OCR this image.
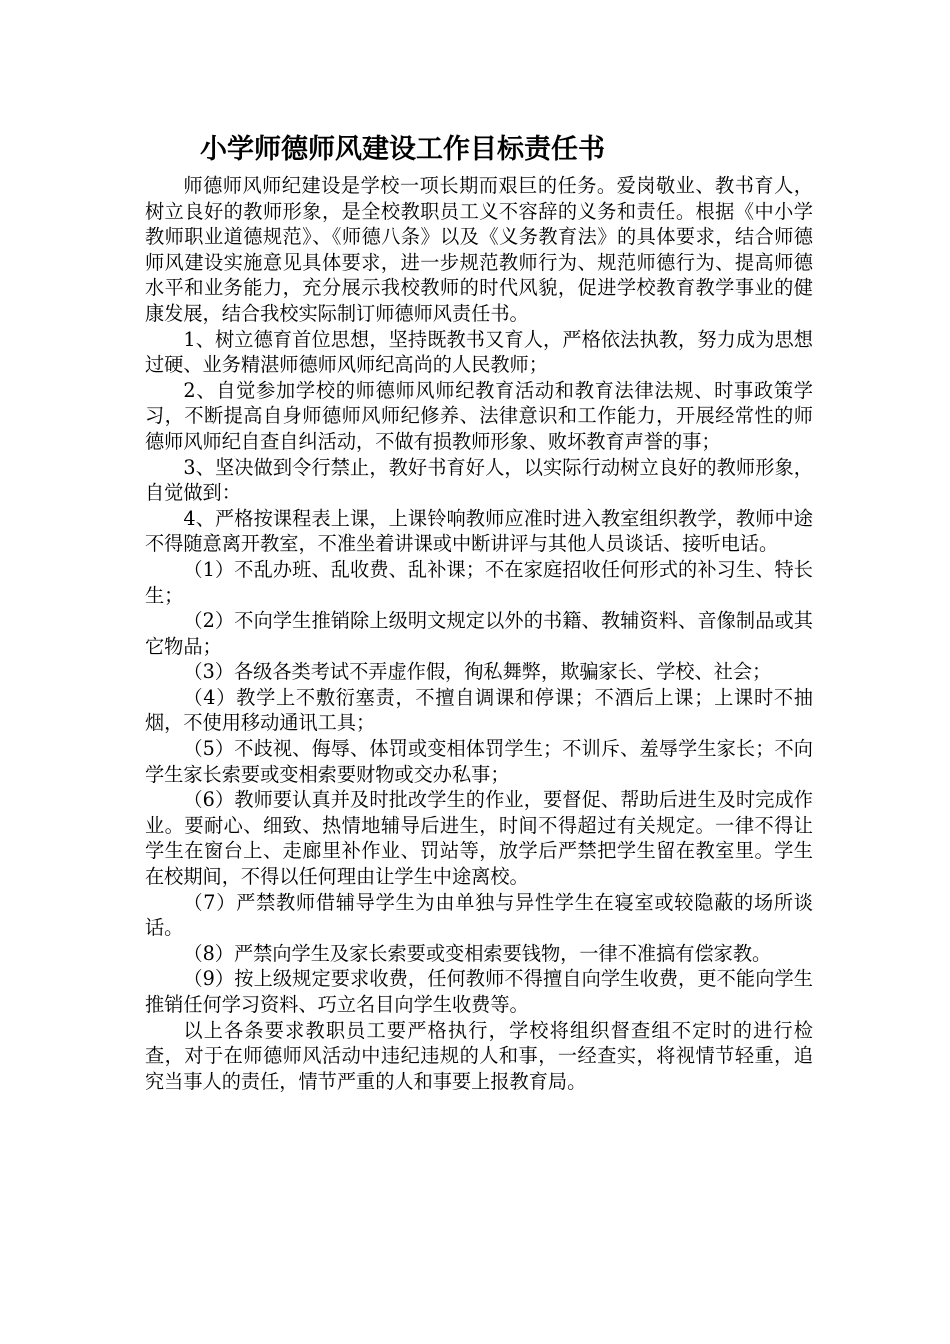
小学师德师风建设工作目标责任书

师德师风师纪建设是学校一项长期而艰巨的任务。爱岗敬业、教书育人，树立良好的教师形象，是全校教职员工义不容辞的义务和责任。根据《中小学教师职业道德规范》、《师德八条》以及《义务教育法》的具体要求，结合师德师风建设实施意见具体要求，进一步规范教师行为、规范师德行为、提高师德水平和业务能力，充分展示我校教师的时代风貌，促进学校教育教学事业的健康发展，结合我校实际制订师德师风责任书。

1、树立德育首位思想，坚持既教书又育人，严格依法执教，努力成为思想过硬、业务精湛师德师风师纪高尚的人民教师；

2、自觉参加学校的师德师风师纪教育活动和教育法律法规、时事政策学习，不断提高自身师德师风师纪修养、法律意识和工作能力，开展经常性的师德师风师纪自查自纠活动，不做有损教师形象、败坏教育声誉的事；

3、坚决做到令行禁止，教好书育好人，以实际行动树立良好的教师形象，自觉做到：

4、严格按课程表上课，上课铃响教师应准时进入教室组织教学，教师中途不得随意离开教室，不准坐着讲课或中断讲评与其他人员谈话、接听电话。

（1）不乱办班、乱收费、乱补课；不在家庭招收任何形式的补习生、特长生；

（2）不向学生推销除上级明文规定以外的书籍、教辅资料、音像制品或其它物品；

（3）各级各类考试不弄虚作假，徇私舞弊，欺骗家长、学校、社会；

（4）教学上不敷衍塞责，不擅自调课和停课；不酒后上课；上课时不抽烟，不使用移动通讯工具；

（5）不歧视、侮辱、体罚或变相体罚学生；不训斥、羞辱学生家长；不向学生家长索要或变相索要财物或交办私事；

（6）教师要认真并及时批改学生的作业，要督促、帮助后进生及时完成作业。要耐心、细致、热情地辅导后进生，时间不得超过有关规定。一律不得让学生在窗台上、走廊里补作业、罚站等，放学后严禁把学生留在教室里。学生在校期间，不得以任何理由让学生中途离校。

（7）严禁教师借辅导学生为由单独与异性学生在寝室或较隐蔽的场所谈话。

（8）严禁向学生及家长索要或变相索要钱物，一律不准搞有偿家教。

（9）按上级规定要求收费，任何教师不得擅自向学生收费，更不能向学生推销任何学习资料、巧立名目向学生收费等。

以上各条要求教职员工要严格执行，学校将组织督查组不定时的进行检查，对于在师德师风活动中违纪违规的人和事，一经查实，将视情节轻重，追究当事人的责任，情节严重的人和事要上报教育局。
